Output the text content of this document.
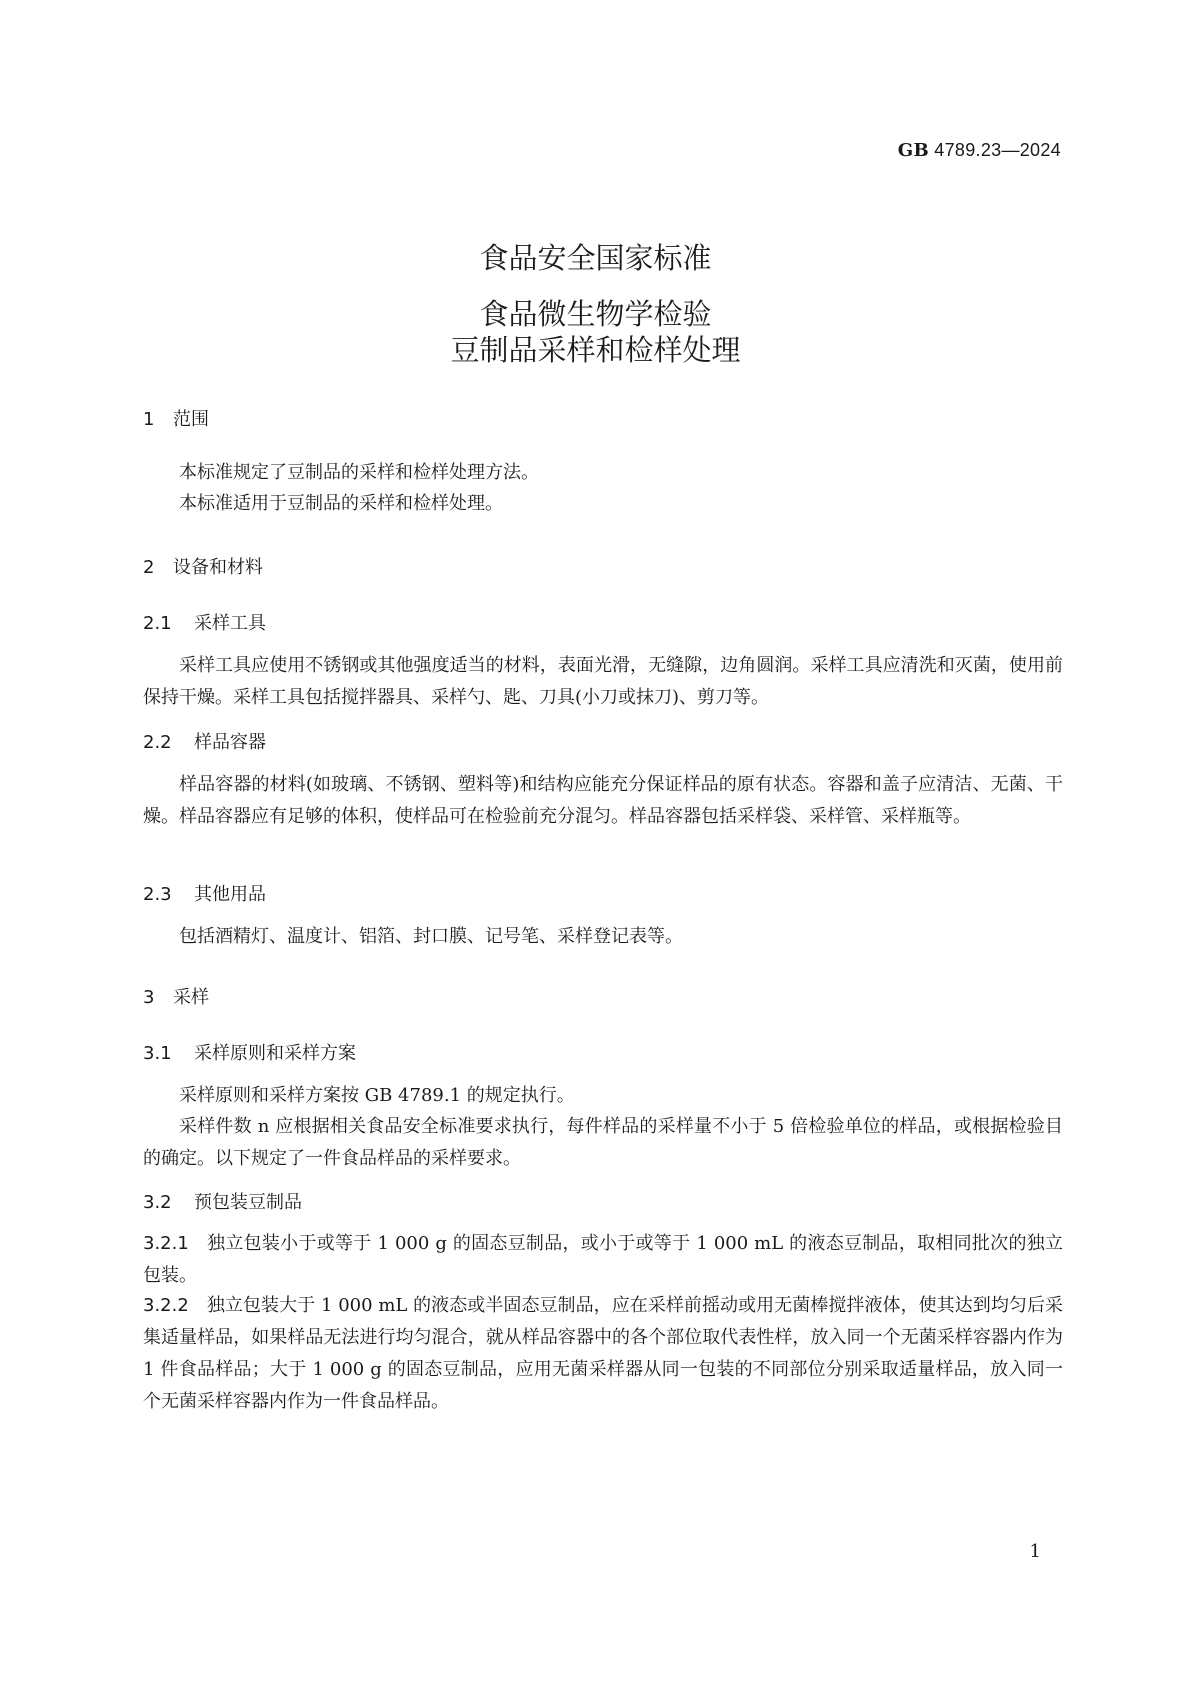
GB 4789.23—2024
食品安全国家标准
食品微生物学检验
豆制品采样和检样处理
1 范围
本标准规定了豆制品的采样和检样处理方法。
本标准适用于豆制品的采样和检样处理。
2 设备和材料
2.1 采样工具
采样工具应使用不锈钢或其他强度适当的材料，表面光滑，无缝隙，边角圆润。采样工具应清洗和灭菌，使用前保持干燥。采样工具包括搅拌器具、采样勺、匙、刀具(小刀或抹刀)、剪刀等。
2.2 样品容器
样品容器的材料(如玻璃、不锈钢、塑料等)和结构应能充分保证样品的原有状态。容器和盖子应清洁、无菌、干燥。样品容器应有足够的体积，使样品可在检验前充分混匀。样品容器包括采样袋、采样管、采样瓶等。
2.3 其他用品
包括酒精灯、温度计、铝箔、封口膜、记号笔、采样登记表等。
3 采样
3.1 采样原则和采样方案
采样原则和采样方案按 GB 4789.1 的规定执行。
采样件数 n 应根据相关食品安全标准要求执行，每件样品的采样量不小于 5 倍检验单位的样品，或根据检验目的确定。以下规定了一件食品样品的采样要求。
3.2 预包装豆制品
3.2.1 独立包装小于或等于 1 000 g 的固态豆制品，或小于或等于 1 000 mL 的液态豆制品，取相同批次的独立包装。
3.2.2 独立包装大于 1 000 mL 的液态或半固态豆制品，应在采样前摇动或用无菌棒搅拌液体，使其达到均匀后采集适量样品，如果样品无法进行均匀混合，就从样品容器中的各个部位取代表性样，放入同一个无菌采样容器内作为 1 件食品样品；大于 1 000 g 的固态豆制品，应用无菌采样器从同一包装的不同部位分别采取适量样品，放入同一个无菌采样容器内作为一件食品样品。
1
